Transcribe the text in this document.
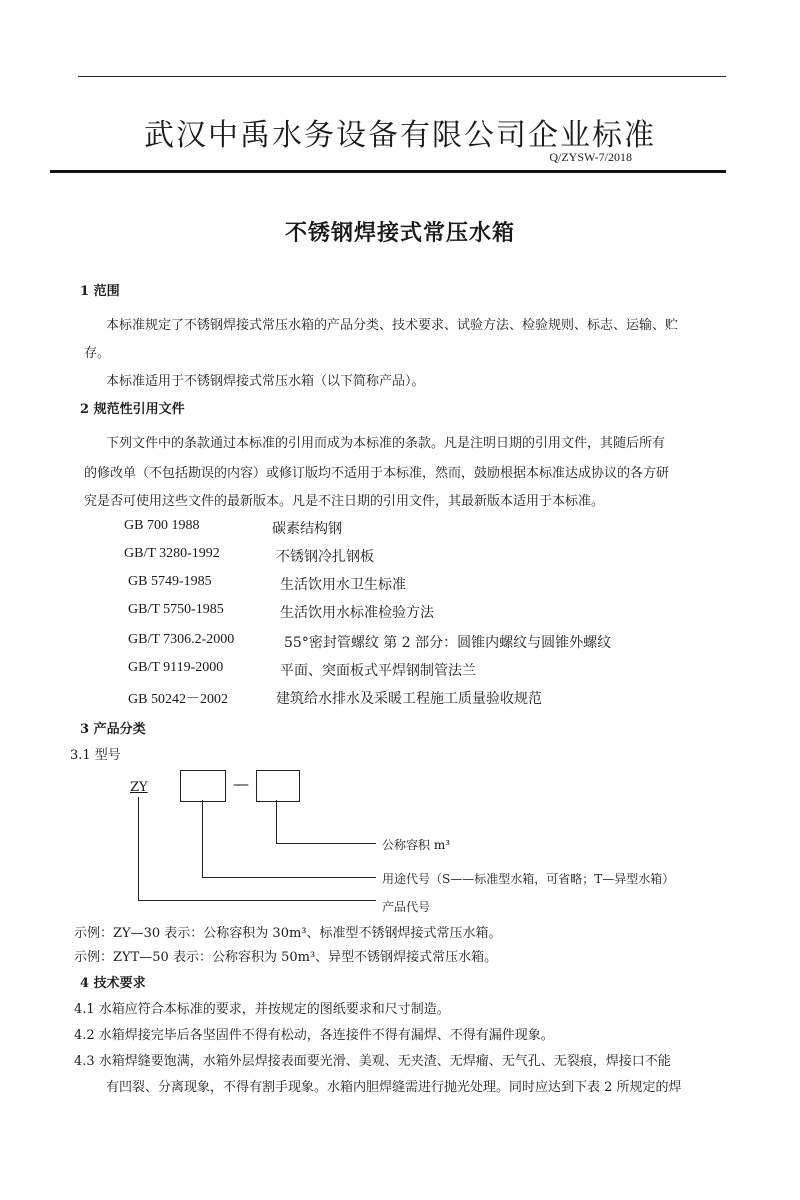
武汉中禹水务设备有限公司企业标准
Q/ZYSW-7/2018
不锈钢焊接式常压水箱
1 范围
本标准规定了不锈钢焊接式常压水箱的产品分类、技术要求、试验方法、检验规则、标志、运输、贮
存。
本标准适用于不锈钢焊接式常压水箱（以下简称产品）。
2 规范性引用文件
下列文件中的条款通过本标准的引用而成为本标准的条款。凡是注明日期的引用文件，其随后所有
的修改单（不包括勘误的内容）或修订版均不适用于本标准，然而，鼓励根据本标准达成协议的各方研
究是否可使用这些文件的最新版本。凡是不注日期的引用文件，其最新版本适用于本标准。
GB 700 1988	碳素结构钢
GB/T 3280-1992	不锈钢冷扎钢板
GB 5749-1985	生活饮用水卫生标准
GB/T 5750-1985	生活饮用水标准检验方法
GB/T 7306.2-2000	55°密封管螺纹 第 2 部分：圆锥内螺纹与圆锥外螺纹
GB/T 9119-2000	平面、突面板式平焊钢制管法兰
GB 50242－2002	建筑给水排水及采暖工程施工质量验收规范
3 产品分类
3.1 型号
ZY	—
公称容积 m³
用途代号（S——标准型水箱，可省略；T—异型水箱）
产品代号
示例：ZY—30 表示：公称容积为 30m³、标准型不锈钢焊接式常压水箱。
示例：ZYT—50 表示：公称容积为 50m³、异型不锈钢焊接式常压水箱。
4 技术要求
4.1 水箱应符合本标准的要求，并按规定的图纸要求和尺寸制造。
4.2 水箱焊接完毕后各坚固件不得有松动，各连接件不得有漏焊、不得有漏件现象。
4.3 水箱焊缝要饱满，水箱外层焊接表面要光滑、美观、无夹渣、无焊瘤、无气孔、无裂痕，焊接口不能
有凹裂、分离现象，不得有割手现象。水箱内胆焊缝需进行抛光处理。同时应达到下表 2 所规定的焊
